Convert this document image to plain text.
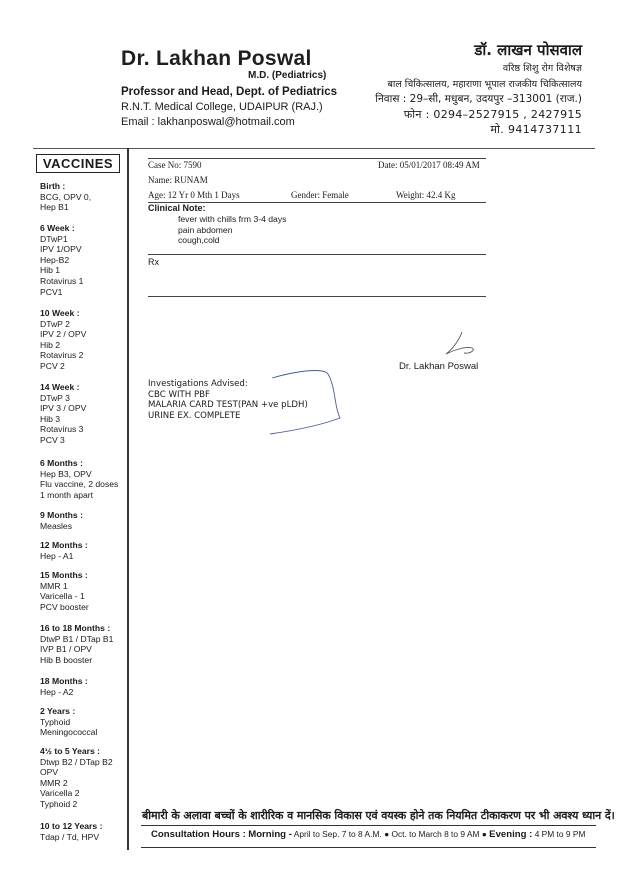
Dr. Lakhan Poswal
M.D. (Pediatrics)
Professor and Head, Dept. of Pediatrics
R.N.T. Medical College, UDAIPUR (RAJ.)
Email : lakhanposwal@hotmail.com
डॉ. लाखन पोसवाल
वरिष्ठ शिशु रोग विशेषज्ञ
बाल चिकित्सालय, महाराणा भूपाल राजकीय चिकित्सालय
निवास : 29–सी, मधुबन, उदयपुर –313001 (राज.)
फोन : 0294–2527915 , 2427915
मो. 9414737111
VACCINES
Birth :
BCG, OPV 0,
Hep B1
6 Week :
DTwP1
IPV 1/OPV
Hep-B2
Hib 1
Rotavirus 1
PCV1
10 Week :
DTwP 2
IPV 2 / OPV
Hib 2
Rotavirus 2
PCV 2
14 Week :
DTwP 3
IPV 3 / OPV
Hib 3
Rotavirus 3
PCV 3
6 Months :
Hep B3, OPV
Flu vaccine, 2 doses
1 month apart
9 Months :
Measles
12 Months :
Hep - A1
15 Months :
MMR 1
Varicella - 1
PCV booster
16 to 18 Months :
DtwP B1 / DTap B1
IVP B1 / OPV
Hib B booster
18 Months :
Hep - A2
2 Years :
Typhoid
Meningococcal
4½ to 5 Years :
Dtwp B2 / DTap B2
OPV
MMR 2
Varicella 2
Typhoid 2
10 to 12 Years :
Tdap / Td, HPV
Case No: 7590	Date: 05/01/2017 08:49 AM
Name: RUNAM
Age: 12 Yr 0 Mth 1 Days	Gender: Female	Weight: 42.4 Kg
Clinical Note:
fever with chills frm 3-4 days
pain abdomen
cough,cold
Rx
Dr. Lakhan Poswal
Investigations Advised:
CBC WITH PBF
MALARIA CARD TEST(PAN +ve pLDH)
URINE EX. COMPLETE
बीमारी के अलावा बच्चों के शारीरिक व मानसिक विकास एवं वयस्क होने तक नियमित टीकाकरण पर भी अवश्य ध्यान दें।
Consultation Hours : Morning - April to Sep. 7 to 8 A.M. ● Oct. to March 8 to 9 AM ● Evening : 4 PM to 9 PM
